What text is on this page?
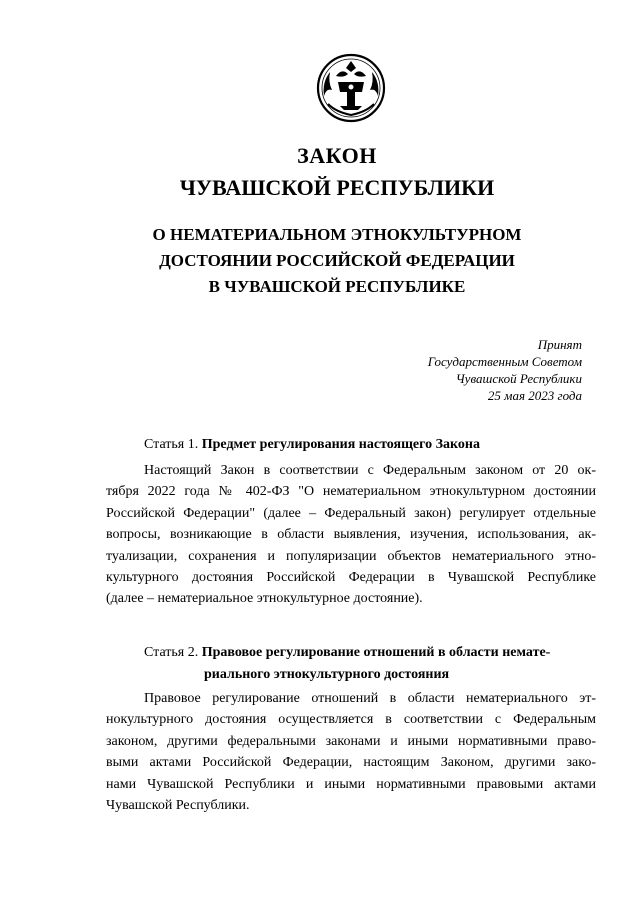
ЗАКОН
ЧУВАШСКОЙ РЕСПУБЛИКИ
О НЕМАТЕРИАЛЬНОМ ЭТНОКУЛЬТУРНОМ
ДОСТОЯНИИ РОССИЙСКОЙ ФЕДЕРАЦИИ
В ЧУВАШСКОЙ РЕСПУБЛИКЕ
Принят
Государственным Советом
Чувашской Республики
25 мая 2023 года
Статья 1. Предмет регулирования настоящего Закона
Настоящий Закон в соответствии с Федеральным законом от 20 ок-
тября 2022 года № 402-ФЗ "О нематериальном этнокультурном достоянии
Российской Федерации" (далее – Федеральный закон) регулирует отдельные
вопросы, возникающие в области выявления, изучения, использования, ак-
туализации, сохранения и популяризации объектов нематериального этно-
культурного достояния Российской Федерации в Чувашской Республике
(далее – нематериальное этнокультурное достояние).
Статья 2. Правовое регулирование отношений в области немате-
риального этнокультурного достояния
Правовое регулирование отношений в области нематериального эт-
нокультурного достояния осуществляется в соответствии с Федеральным
законом, другими федеральными законами и иными нормативными право-
выми актами Российской Федерации, настоящим Законом, другими зако-
нами Чувашской Республики и иными нормативными правовыми актами
Чувашской Республики.
